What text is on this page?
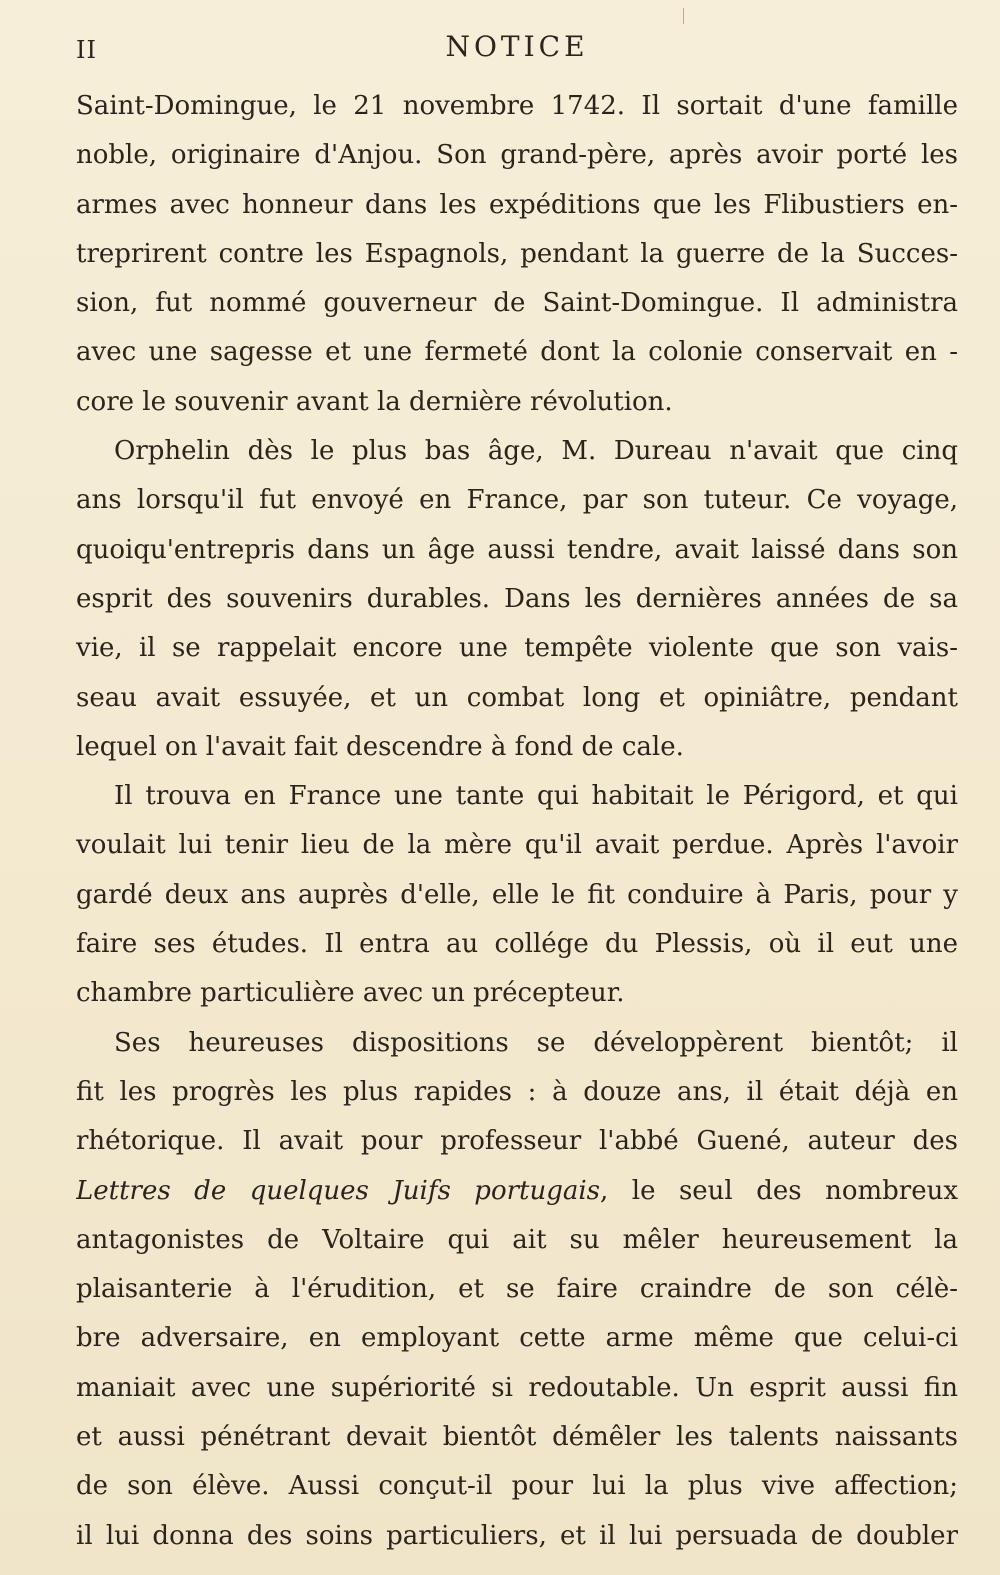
II	NOTICE
Saint-Domingue, le 21 novembre 1742. Il sortait d'une famille
noble, originaire d'Anjou. Son grand-père, après avoir porté les
armes avec honneur dans les expéditions que les Flibustiers en-
treprirent contre les Espagnols, pendant la guerre de la Succes-
sion, fut nommé gouverneur de Saint-Domingue. Il administra
avec une sagesse et une fermeté dont la colonie conservait en -
core le souvenir avant la dernière révolution.
Orphelin dès le plus bas âge, M. Dureau n'avait que cinq
ans lorsqu'il fut envoyé en France, par son tuteur. Ce voyage,
quoiqu'entrepris dans un âge aussi tendre, avait laissé dans son
esprit des souvenirs durables. Dans les dernières années de sa
vie, il se rappelait encore une tempête violente que son vais-
seau avait essuyée, et un combat long et opiniâtre, pendant
lequel on l'avait fait descendre à fond de cale.
Il trouva en France une tante qui habitait le Périgord, et qui
voulait lui tenir lieu de la mère qu'il avait perdue. Après l'avoir
gardé deux ans auprès d'elle, elle le fit conduire à Paris, pour y
faire ses études. Il entra au collége du Plessis, où il eut une
chambre particulière avec un précepteur.
Ses heureuses dispositions se développèrent bientôt; il
fit les progrès les plus rapides : à douze ans, il était déjà en
rhétorique. Il avait pour professeur l'abbé Guené, auteur des
Lettres de quelques Juifs portugais, le seul des nombreux
antagonistes de Voltaire qui ait su mêler heureusement la
plaisanterie à l'érudition, et se faire craindre de son célè-
bre adversaire, en employant cette arme même que celui-ci
maniait avec une supériorité si redoutable. Un esprit aussi fin
et aussi pénétrant devait bientôt démêler les talents naissants
de son élève. Aussi conçut-il pour lui la plus vive affection;
il lui donna des soins particuliers, et il lui persuada de doubler
